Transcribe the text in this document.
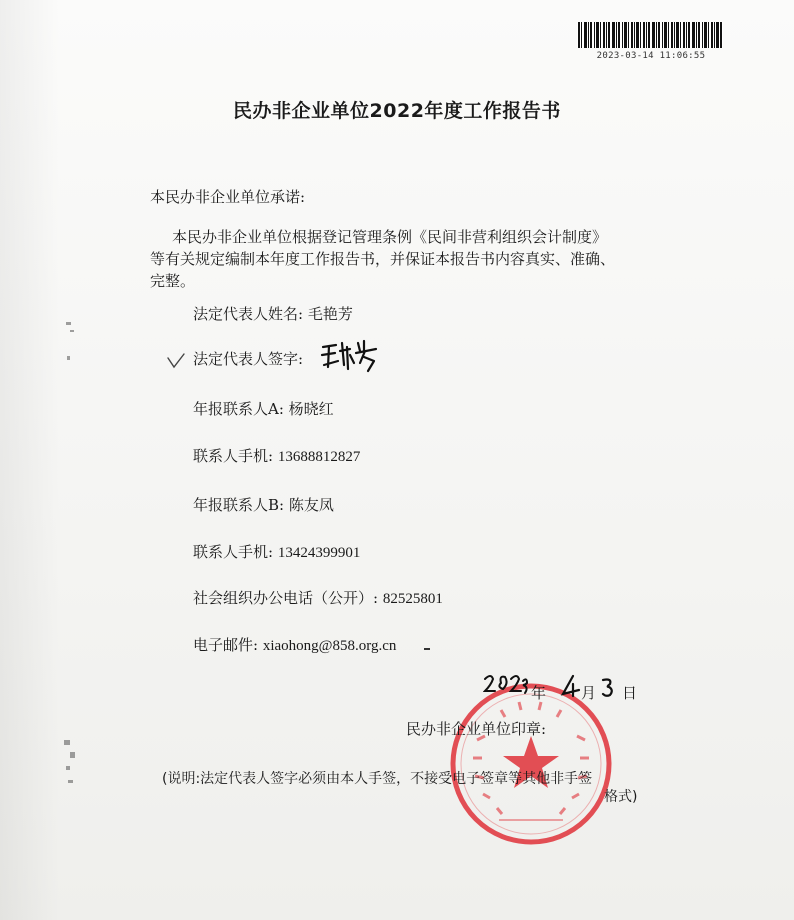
2023-03-14 11:06:55
民办非企业单位2022年度工作报告书
本民办非企业单位承诺:
本民办非企业单位根据登记管理条例《民间非营利组织会计制度》
等有关规定编制本年度工作报告书，并保证本报告书内容真实、准确、
完整。
法定代表人姓名: 毛艳芳
法定代表人签字:
年报联系人A: 杨晓红
联系人手机: 13688812827
年报联系人B: 陈友凤
联系人手机: 13424399901
社会组织办公电话（公开）: 82525801
电子邮件: xiaohong@858.org.cn
年 月 日
民办非企业单位印章:
(说明:法定代表人签字必须由本人手签，不接受电子签章等其他非手签
格式)
